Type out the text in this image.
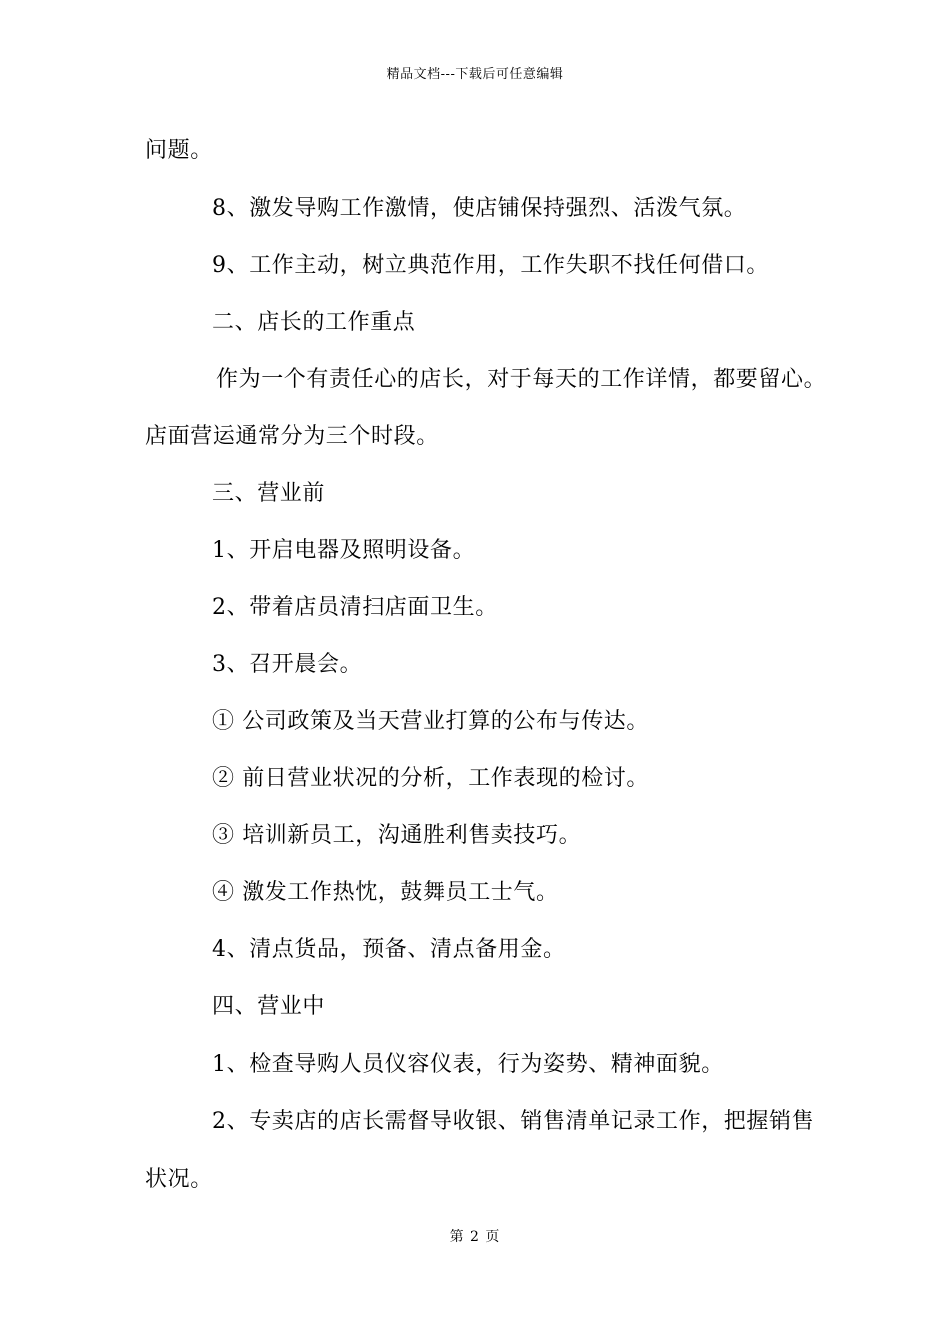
精品文档---下载后可任意编辑
问题。
8、激发导购工作激情，使店铺保持强烈、活泼气氛。
9、工作主动，树立典范作用，工作失职不找任何借口。
二、店长的工作重点
作为一个有责任心的店长，对于每天的工作详情，都要留心。
店面营运通常分为三个时段。
三、营业前
1、开启电器及照明设备。
2、带着店员清扫店面卫生。
3、召开晨会。
① 公司政策及当天营业打算的公布与传达。
② 前日营业状况的分析，工作表现的检讨。
③ 培训新员工，沟通胜利售卖技巧。
④ 激发工作热忱，鼓舞员工士气。
4、清点货品，预备、清点备用金。
四、营业中
1、检查导购人员仪容仪表，行为姿势、精神面貌。
2、专卖店的店长需督导收银、销售清单记录工作，把握销售
状况。
第 2 页
